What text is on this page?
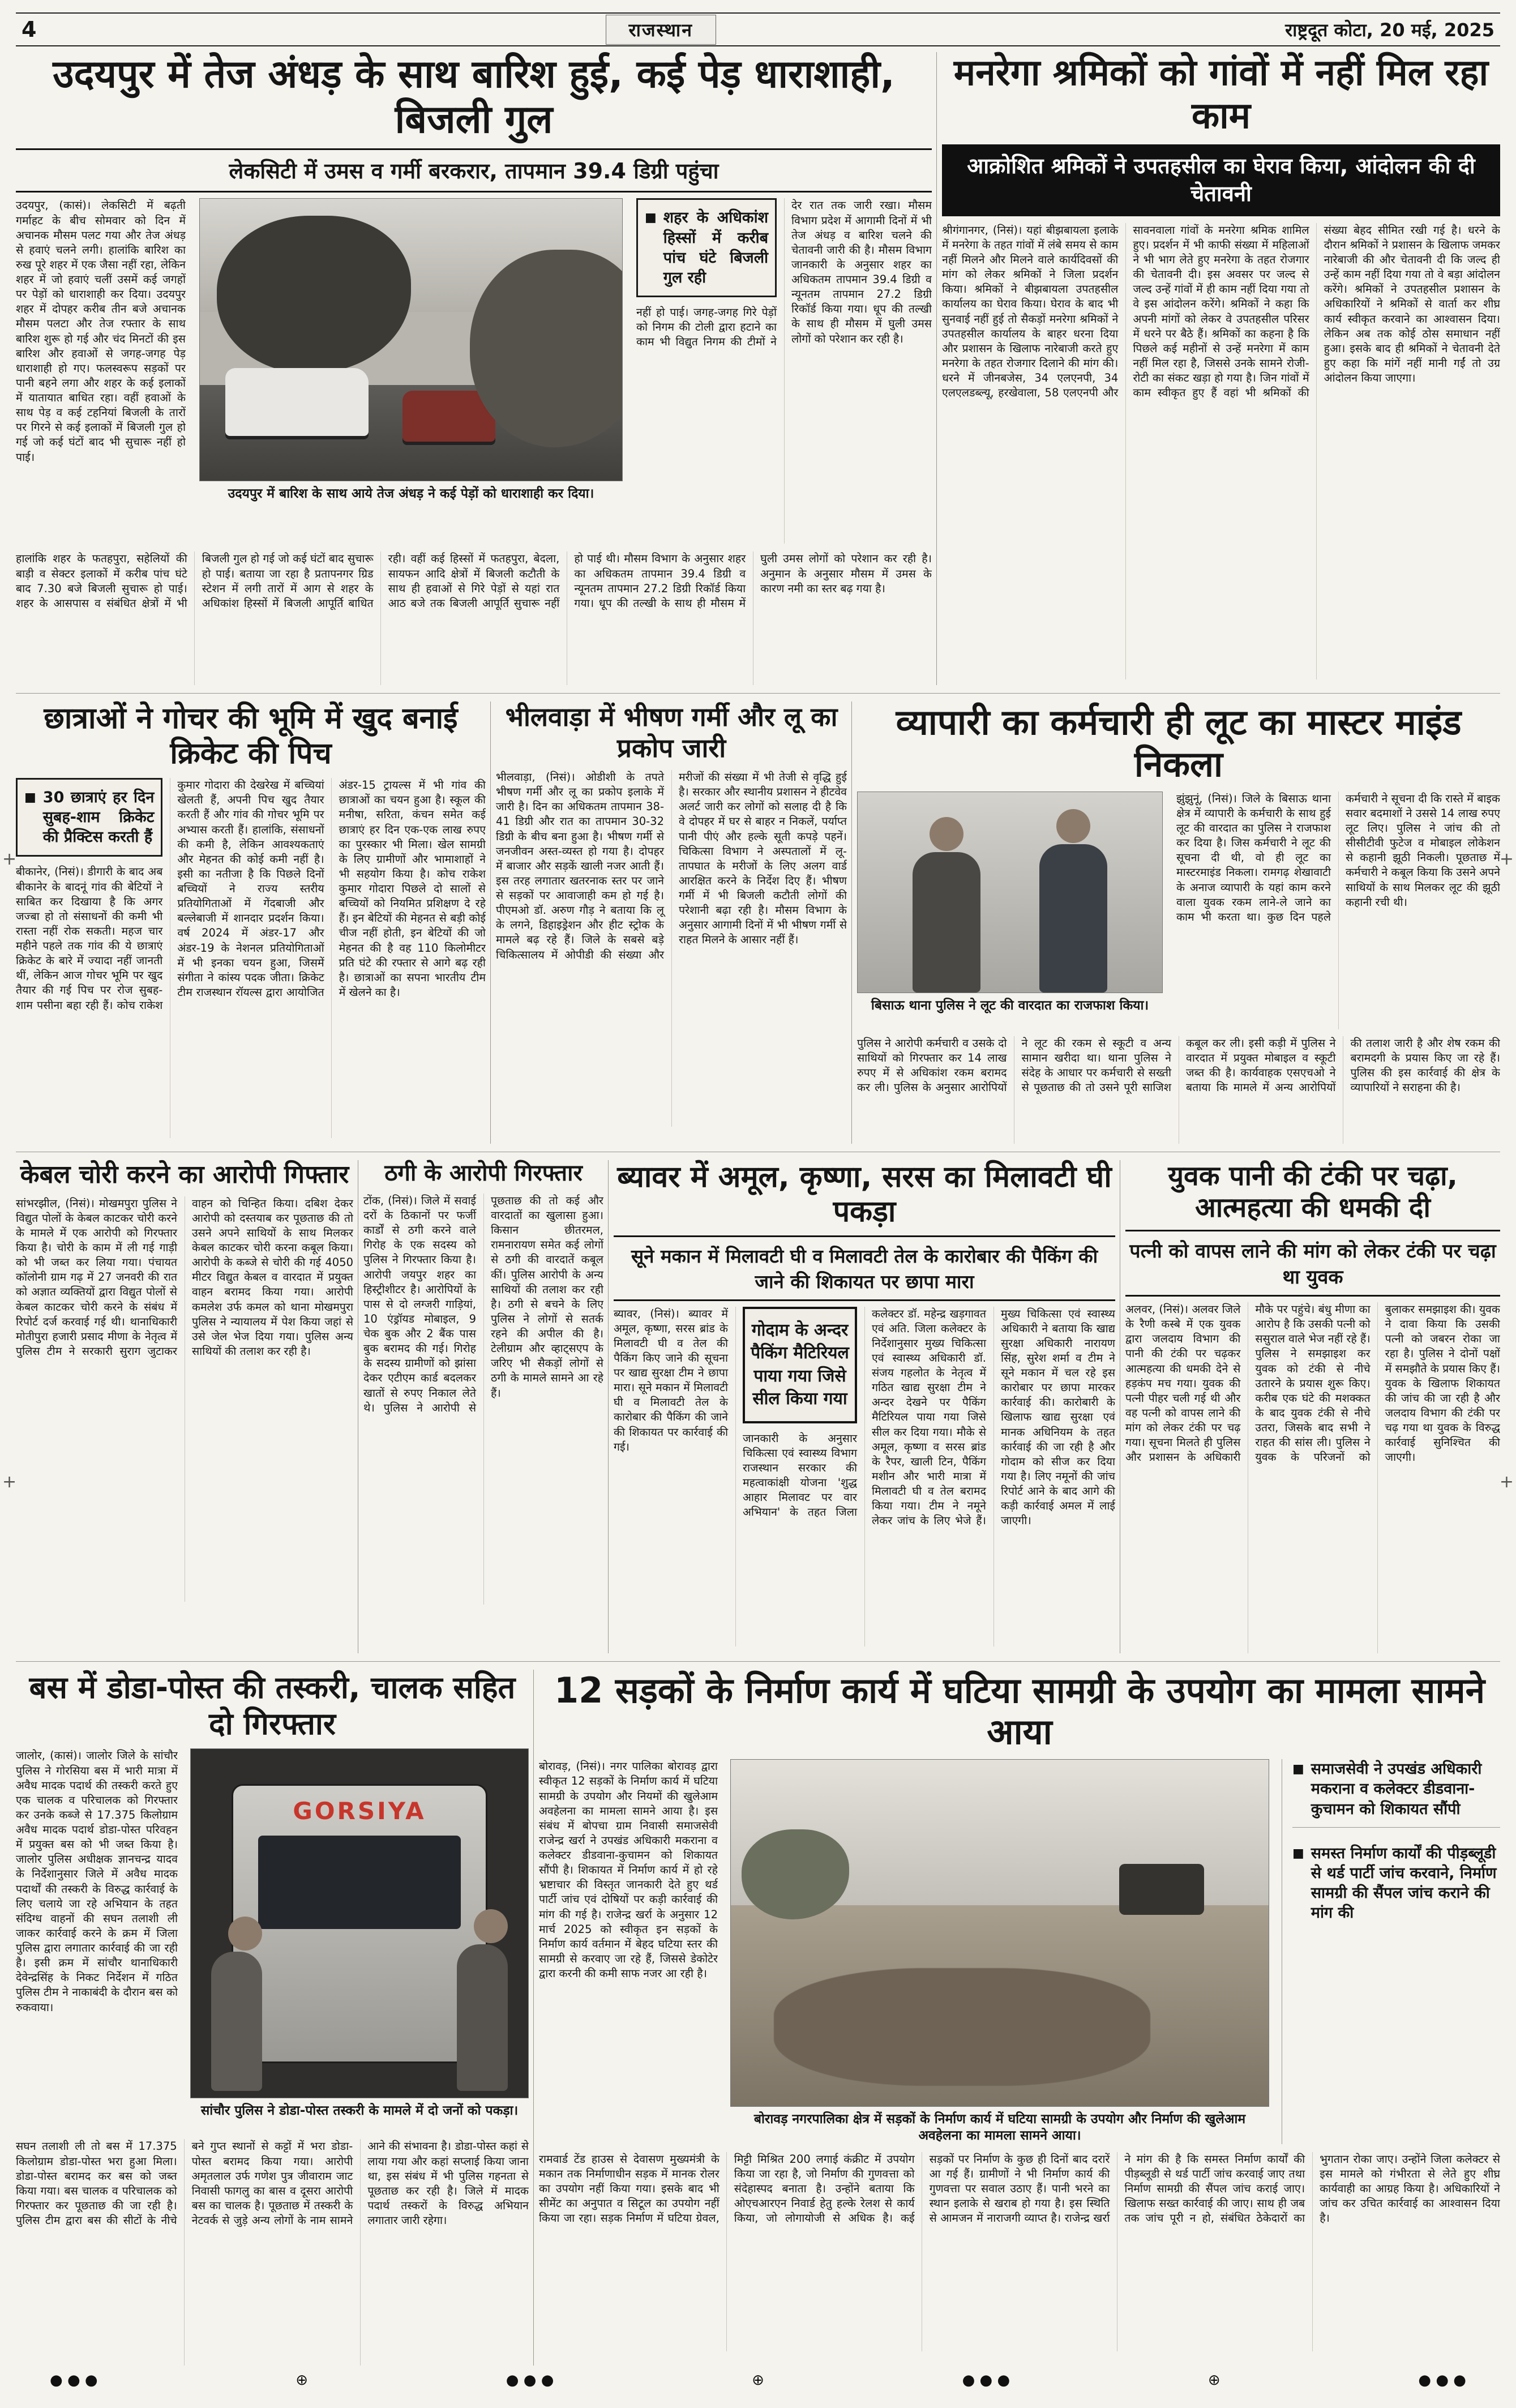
4	राजस्थान	राष्ट्रदूत कोटा, 20 मई, 2025
उदयपुर में तेज अंधड़ के साथ बारिश हुई, कई पेड़ धाराशाही, बिजली गुल
लेकसिटी में उमस व गर्मी बरकरार, तापमान 39.4 डिग्री पहुंचा
उदयपुर, (कासं)। लेकसिटी में बढ़ती गर्माहट के बीच सोमवार को दिन में अचानक मौसम पलट गया और तेज अंधड़ से हवाएं चलने लगी। हालांकि बारिश का रुख पूरे शहर में एक जैसा नहीं रहा, लेकिन शहर में जो हवाएं चलीं उसमें कई जगहों पर पेड़ों को धाराशाही कर दिया। उदयपुर शहर में दोपहर करीब तीन बजे अचानक मौसम पलटा और तेज रफ्तार के साथ बारिश शुरू हो गई और चंद मिनटों की इस बारिश और हवाओं से जगह-जगह पेड़ धाराशाही हो गए। फलस्वरूप सड़कों पर पानी बहने लगा और शहर के कई इलाकों में यातायात बाधित रहा। वहीं हवाओं के साथ पेड़ व कई टहनियां बिजली के तारों पर गिरने से कई इलाकों में बिजली गुल हो गई जो कई घंटों बाद भी सुचारू नहीं हो पाई।
उदयपुर में बारिश के साथ आये तेज अंधड़ ने कई पेड़ों को धाराशाही कर दिया।
■ शहर के अधिकांश हिस्सों में करीब पांच घंटे बिजली गुल रही
नहीं हो पाई। जगह-जगह गिरे पेड़ों को निगम की टोली द्वारा हटाने का काम भी विद्युत निगम की टीमों ने देर रात तक जारी रखा। मौसम विभाग प्रदेश में आगामी दिनों में भी तेज अंधड़ व बारिश चलने की चेतावनी जारी की है। मौसम विभाग जानकारी के अनुसार शहर का अधिकतम तापमान 39.4 डिग्री व न्यूनतम तापमान 27.2 डिग्री रिकॉर्ड किया गया। धूप की तल्खी के साथ ही मौसम में घुली उमस लोगों को परेशान कर रही है।
हालांकि शहर के फतहपुरा, सहेलियों की बाड़ी व सेक्टर इलाकों में करीब पांच घंटे बाद 7.30 बजे बिजली सुचारू हो पाई। शहर के आसपास व संबंधित क्षेत्रों में भी बिजली गुल हो गई जो कई घंटों बाद सुचारू हो पाई। बताया जा रहा है प्रतापनगर ग्रिड स्टेशन में लगी तारों में आग से शहर के अधिकांश हिस्सों में बिजली आपूर्ति बाधित रही। वहीं कई हिस्सों में फतहपुरा, बेदला, सायफन आदि क्षेत्रों में बिजली कटौती के साथ ही हवाओं से गिरे पेड़ों से यहां रात आठ बजे तक बिजली आपूर्ति सुचारू नहीं हो पाई थी। मौसम विभाग के अनुसार शहर का अधिकतम तापमान 39.4 डिग्री व न्यूनतम तापमान 27.2 डिग्री रिकॉर्ड किया गया। धूप की तल्खी के साथ ही मौसम में घुली उमस लोगों को परेशान कर रही है। अनुमान के अनुसार मौसम में उमस के कारण नमी का स्तर बढ़ गया है।
मनरेगा श्रमिकों को गांवों में नहीं मिल रहा काम
आक्रोशित श्रमिकों ने उपतहसील का घेराव किया, आंदोलन की दी चेतावनी
श्रीगंगानगर, (निसं)। यहां बीझबायला इलाके में मनरेगा के तहत गांवों में लंबे समय से काम नहीं मिलने और मिलने वाले कार्यदिवसों की मांग को लेकर श्रमिकों ने जिला प्रदर्शन किया। श्रमिकों ने बीझबायला उपतहसील कार्यालय का घेराव किया। घेराव के बाद भी सुनवाई नहीं हुई तो सैकड़ों मनरेगा श्रमिकों ने उपतहसील कार्यालय के बाहर धरना दिया और प्रशासन के खिलाफ नारेबाजी करते हुए मनरेगा के तहत रोजगार दिलाने की मांग की। धरने में जीनबजेस, 34 एलएनपी, 34 एलएलडब्ल्यू, हरखेवाला, 58 एलएनपी और सावनवाला गांवों के मनरेगा श्रमिक शामिल हुए। प्रदर्शन में भी काफी संख्या में महिलाओं ने भी भाग लेते हुए मनरेगा के तहत रोजगार की चेतावनी दी। इस अवसर पर जल्द से जल्द उन्हें गांवों में ही काम नहीं दिया गया तो वे इस आंदोलन करेंगे। श्रमिकों ने कहा कि अपनी मांगों को लेकर वे उपतहसील परिसर में धरने पर बैठे हैं। श्रमिकों का कहना है कि पिछले कई महीनों से उन्हें मनरेगा में काम नहीं मिल रहा है, जिससे उनके सामने रोजी-रोटी का संकट खड़ा हो गया है। जिन गांवों में काम स्वीकृत हुए हैं वहां भी श्रमिकों की संख्या बेहद सीमित रखी गई है। धरने के दौरान श्रमिकों ने प्रशासन के खिलाफ जमकर नारेबाजी की और चेतावनी दी कि जल्द ही उन्हें काम नहीं दिया गया तो वे बड़ा आंदोलन करेंगे। श्रमिकों ने उपतहसील प्रशासन के अधिकारियों ने श्रमिकों से वार्ता कर शीघ्र कार्य स्वीकृत करवाने का आश्वासन दिया। लेकिन अब तक कोई ठोस समाधान नहीं हुआ। इसके बाद ही श्रमिकों ने चेतावनी देते हुए कहा कि मांगें नहीं मानी गईं तो उग्र आंदोलन किया जाएगा।
छात्राओं ने गोचर की भूमि में खुद बनाई क्रिकेट की पिच
■ 30 छात्राएं हर दिन सुबह-शाम क्रिकेट की प्रैक्टिस करती हैं
बीकानेर, (निसं)। डीगारी के बाद अब बीकानेर के बादनूं गांव की बेटियों ने साबित कर दिखाया है कि अगर जज्बा हो तो संसाधनों की कमी भी रास्ता नहीं रोक सकती। महज चार महीने पहले तक गांव की ये छात्राएं क्रिकेट के बारे में ज्यादा नहीं जानती थीं, लेकिन आज गोचर भूमि पर खुद तैयार की गई पिच पर रोज सुबह-शाम पसीना बहा रही हैं। कोच राकेश कुमार गोदारा की देखरेख में बच्चियां खेलती हैं, अपनी पिच खुद तैयार करती हैं और गांव की गोचर भूमि पर अभ्यास करती हैं। हालांकि, संसाधनों की कमी है, लेकिन आवश्यकताएं और मेहनत की कोई कमी नहीं है। इसी का नतीजा है कि पिछले दिनों बच्चियों ने राज्य स्तरीय प्रतियोगिताओं में गेंदबाजी और बल्लेबाजी में शानदार प्रदर्शन किया। वर्ष 2024 में अंडर-17 और अंडर-19 के नेशनल प्रतियोगिताओं में भी इनका चयन हुआ, जिसमें संगीता ने कांस्य पदक जीता। क्रिकेट टीम राजस्थान रॉयल्स द्वारा आयोजित अंडर-15 ट्रायल्स में भी गांव की छात्राओं का चयन हुआ है। स्कूल की मनीषा, सरिता, कंचन समेत कई छात्राएं हर दिन एक-एक लाख रुपए का पुरस्कार भी मिला। खेल सामग्री के लिए ग्रामीणों और भामाशाहों ने भी सहयोग किया है। कोच राकेश कुमार गोदारा पिछले दो सालों से बच्चियों को नियमित प्रशिक्षण दे रहे हैं। इन बेटियों की मेहनत से बड़ी कोई चीज नहीं होती, इन बेटियों की जो मेहनत की है वह 110 किलोमीटर प्रति घंटे की रफ्तार से आगे बढ़ रही है। छात्राओं का सपना भारतीय टीम में खेलने का है।
भीलवाड़ा में भीषण गर्मी और लू का प्रकोप जारी
भीलवाड़ा, (निसं)। ओडीशी के तपते भीषण गर्मी और लू का प्रकोप इलाके में जारी है। दिन का अधिकतम तापमान 38-41 डिग्री और रात का तापमान 30-32 डिग्री के बीच बना हुआ है। भीषण गर्मी से जनजीवन अस्त-व्यस्त हो गया है। दोपहर में बाजार और सड़कें खाली नजर आती हैं। इस तरह लगातार खतरनाक स्तर पर जाने से सड़कों पर आवाजाही कम हो गई है। पीएमओ डॉ. अरुण गौड़ ने बताया कि लू के लगने, डिहाइड्रेशन और हीट स्ट्रोक के मामले बढ़ रहे हैं। जिले के सबसे बड़े चिकित्सालय में ओपीडी की संख्या और मरीजों की संख्या में भी तेजी से वृद्धि हुई है। सरकार और स्थानीय प्रशासन ने हीटवेव अलर्ट जारी कर लोगों को सलाह दी है कि वे दोपहर में घर से बाहर न निकलें, पर्याप्त पानी पीएं और हल्के सूती कपड़े पहनें। चिकित्सा विभाग ने अस्पतालों में लू-तापघात के मरीजों के लिए अलग वार्ड आरक्षित करने के निर्देश दिए हैं। भीषण गर्मी में भी बिजली कटौती लोगों की परेशानी बढ़ा रही है। मौसम विभाग के अनुसार आगामी दिनों में भी भीषण गर्मी से राहत मिलने के आसार नहीं हैं।
व्यापारी का कर्मचारी ही लूट का मास्टर माइंड निकला
बिसाऊ थाना पुलिस ने लूट की वारदात का राजफाश किया।
झुंझुनूं, (निसं)। जिले के बिसाऊ थाना क्षेत्र में व्यापारी के कर्मचारी के साथ हुई लूट की वारदात का पुलिस ने राजफाश कर दिया है। जिस कर्मचारी ने लूट की सूचना दी थी, वो ही लूट का मास्टरमाइंड निकला। रामगढ़ शेखावाटी के अनाज व्यापारी के यहां काम करने वाला युवक रकम लाने-ले जाने का काम भी करता था। कुछ दिन पहले कर्मचारी ने सूचना दी कि रास्ते में बाइक सवार बदमाशों ने उससे 14 लाख रुपए लूट लिए। पुलिस ने जांच की तो सीसीटीवी फुटेज व मोबाइल लोकेशन से कहानी झूठी निकली। पूछताछ में कर्मचारी ने कबूल किया कि उसने अपने साथियों के साथ मिलकर लूट की झूठी कहानी रची थी।
पुलिस ने आरोपी कर्मचारी व उसके दो साथियों को गिरफ्तार कर 14 लाख रुपए में से अधिकांश रकम बरामद कर ली। पुलिस के अनुसार आरोपियों ने लूट की रकम से स्कूटी व अन्य सामान खरीदा था। थाना पुलिस ने संदेह के आधार पर कर्मचारी से सख्ती से पूछताछ की तो उसने पूरी साजिश कबूल कर ली। इसी कड़ी में पुलिस ने वारदात में प्रयुक्त मोबाइल व स्कूटी जब्त की है। कार्यवाहक एसएचओ ने बताया कि मामले में अन्य आरोपियों की तलाश जारी है और शेष रकम की बरामदगी के प्रयास किए जा रहे हैं। पुलिस की इस कार्रवाई की क्षेत्र के व्यापारियों ने सराहना की है।
केबल चोरी करने का आरोपी गिफ्तार
सांभरझील, (निसं)। मोखमपुरा पुलिस ने विद्युत पोलों के केबल काटकर चोरी करने के मामले में एक आरोपी को गिरफ्तार किया है। चोरी के काम में ली गई गाड़ी को भी जब्त कर लिया गया। पंचायत कॉलोनी ग्राम गढ़ में 27 जनवरी की रात को अज्ञात व्यक्तियों द्वारा विद्युत पोलों से केबल काटकर चोरी करने के संबंध में रिपोर्ट दर्ज करवाई गई थी। थानाधिकारी मोतीपुरा हजारी प्रसाद मीणा के नेतृत्व में पुलिस टीम ने सरकारी सुराग जुटाकर वाहन को चिन्हित किया। दबिश देकर आरोपी को दस्तयाब कर पूछताछ की तो उसने अपने साथियों के साथ मिलकर केबल काटकर चोरी करना कबूल किया। आरोपी के कब्जे से चोरी की गई 4050 मीटर विद्युत केबल व वारदात में प्रयुक्त वाहन बरामद किया गया। आरोपी कमलेश उर्फ कमल को थाना मोखमपुरा पुलिस ने न्यायालय में पेश किया जहां से उसे जेल भेज दिया गया। पुलिस अन्य साथियों की तलाश कर रही है।
ठगी के आरोपी गिरफ्तार
टोंक, (निसं)। जिले में सवाई दरों के ठिकानों पर फर्जी कार्डों से ठगी करने वाले गिरोह के एक सदस्य को पुलिस ने गिरफ्तार किया है। आरोपी जयपुर शहर का हिस्ट्रीशीटर है। आरोपियों के पास से दो लग्जरी गाड़ियां, 10 एंड्रॉयड मोबाइल, 9 चेक बुक और 2 बैंक पास बुक बरामद की गई। गिरोह के सदस्य ग्रामीणों को झांसा देकर एटीएम कार्ड बदलकर खातों से रुपए निकाल लेते थे। पुलिस ने आरोपी से पूछताछ की तो कई और वारदातों का खुलासा हुआ। किसान छीतरमल, रामनारायण समेत कई लोगों से ठगी की वारदातें कबूल कीं। पुलिस आरोपी के अन्य साथियों की तलाश कर रही है। ठगी से बचने के लिए पुलिस ने लोगों से सतर्क रहने की अपील की है। टेलीग्राम और व्हाट्सएप के जरिए भी सैकड़ों लोगों से ठगी के मामले सामने आ रहे हैं।
ब्यावर में अमूल, कृष्णा, सरस का मिलावटी घी पकड़ा
सूने मकान में मिलावटी घी व मिलावटी तेल के कारोबार की पैकिंग की जाने की शिकायत पर छापा मारा
ब्यावर, (निसं)। ब्यावर में अमूल, कृष्णा, सरस ब्रांड के मिलावटी घी व तेल की पैकिंग किए जाने की सूचना पर खाद्य सुरक्षा टीम ने छापा मारा। सूने मकान में मिलावटी घी व मिलावटी तेल के कारोबार की पैकिंग की जाने की शिकायत पर कार्रवाई की गई।
गोदाम के अन्दर पैकिंग मैटिरियल पाया गया जिसे सील किया गया
जानकारी के अनुसार चिकित्सा एवं स्वास्थ्य विभाग राजस्थान सरकार की महत्वाकांक्षी योजना 'शुद्ध आहार मिलावट पर वार अभियान' के तहत जिला कलेक्टर डॉ. महेन्द्र खड़गावत एवं अति. जिला कलेक्टर के निर्देशानुसार मुख्य चिकित्सा एवं स्वास्थ्य अधिकारी डॉ. संजय गहलोत के नेतृत्व में गठित खाद्य सुरक्षा टीम ने अन्दर देखने पर पैकिंग मैटिरियल पाया गया जिसे सील कर दिया गया। मौके से अमूल, कृष्णा व सरस ब्रांड के रैपर, खाली टिन, पैकिंग मशीन और भारी मात्रा में मिलावटी घी व तेल बरामद किया गया। टीम ने नमूने लेकर जांच के लिए भेजे हैं। मुख्य चिकित्सा एवं स्वास्थ्य अधिकारी ने बताया कि खाद्य सुरक्षा अधिकारी नारायण सिंह, सुरेश शर्मा व टीम ने सूने मकान में चल रहे इस कारोबार पर छापा मारकर कार्रवाई की। कारोबारी के खिलाफ खाद्य सुरक्षा एवं मानक अधिनियम के तहत कार्रवाई की जा रही है और गोदाम को सीज कर दिया गया है। लिए नमूनों की जांच रिपोर्ट आने के बाद आगे की कड़ी कार्रवाई अमल में लाई जाएगी।
युवक पानी की टंकी पर चढ़ा, आत्महत्या की धमकी दी
पत्नी को वापस लाने की मांग को लेकर टंकी पर चढ़ा था युवक
अलवर, (निसं)। अलवर जिले के रैणी कस्बे में एक युवक द्वारा जलदाय विभाग की पानी की टंकी पर चढ़कर आत्महत्या की धमकी देने से हड़कंप मच गया। युवक की पत्नी पीहर चली गई थी और वह पत्नी को वापस लाने की मांग को लेकर टंकी पर चढ़ गया। सूचना मिलते ही पुलिस और प्रशासन के अधिकारी मौके पर पहुंचे। बंधु मीणा का आरोप है कि उसकी पत्नी को ससुराल वाले भेज नहीं रहे हैं। पुलिस ने समझाइश कर युवक को टंकी से नीचे उतारने के प्रयास शुरू किए। करीब एक घंटे की मशक्कत के बाद युवक टंकी से नीचे उतरा, जिसके बाद सभी ने राहत की सांस ली। पुलिस ने युवक के परिजनों को बुलाकर समझाइश की। युवक ने दावा किया कि उसकी पत्नी को जबरन रोका जा रहा है। पुलिस ने दोनों पक्षों में समझौते के प्रयास किए हैं। युवक के खिलाफ शिकायत की जांच की जा रही है और जलदाय विभाग की टंकी पर चढ़ गया था युवक के विरुद्ध कार्रवाई सुनिश्चित की जाएगी।
बस में डोडा-पोस्त की तस्करी, चालक सहित दो गिरफ्तार
जालोर, (कासं)। जालोर जिले के सांचौर पुलिस ने गोरसिया बस में भारी मात्रा में अवैध मादक पदार्थ की तस्करी करते हुए एक चालक व परिचालक को गिरफ्तार कर उनके कब्जे से 17.375 किलोग्राम अवैध मादक पदार्थ डोडा-पोस्त परिवहन में प्रयुक्त बस को भी जब्त किया है। जालोर पुलिस अधीक्षक ज्ञानचन्द्र यादव के निर्देशानुसार जिले में अवैध मादक पदार्थों की तस्करी के विरुद्ध कार्रवाई के लिए चलाये जा रहे अभियान के तहत संदिग्ध वाहनों की सघन तलाशी ली जाकर कार्रवाई करने के क्रम में जिला पुलिस द्वारा लगातार कार्रवाई की जा रही है। इसी क्रम में सांचौर थानाधिकारी देवेन्द्रसिंह के निकट निर्देशन में गठित पुलिस टीम ने नाकाबंदी के दौरान बस को रुकवाया।
GORSIYA
सांचौर पुलिस ने डोडा-पोस्त तस्करी के मामले में दो जनों को पकड़ा।
सघन तलाशी ली तो बस में 17.375 किलोग्राम डोडा-पोस्त भरा हुआ मिला। डोडा-पोस्त बरामद कर बस को जब्त किया गया। बस चालक व परिचालक को गिरफ्तार कर पूछताछ की जा रही है। पुलिस टीम द्वारा बस की सीटों के नीचे बने गुप्त स्थानों से कट्टों में भरा डोडा-पोस्त बरामद किया गया। आरोपी अमृतलाल उर्फ गणेश पुत्र जीवाराम जाट निवासी फागलु का बास व दूसरा आरोपी बस का चालक है। पूछताछ में तस्करी के नेटवर्क से जुड़े अन्य लोगों के नाम सामने आने की संभावना है। डोडा-पोस्त कहां से लाया गया और कहां सप्लाई किया जाना था, इस संबंध में भी पुलिस गहनता से पूछताछ कर रही है। जिले में मादक पदार्थ तस्करों के विरुद्ध अभियान लगातार जारी रहेगा।
12 सड़कों के निर्माण कार्य में घटिया सामग्री के उपयोग का मामला सामने आया
बोरावड़, (निसं)। नगर पालिका बोरावड़ द्वारा स्वीकृत 12 सड़कों के निर्माण कार्य में घटिया सामग्री के उपयोग और नियमों की खुलेआम अवहेलना का मामला सामने आया है। इस संबंध में बोपचा ग्राम निवासी समाजसेवी राजेन्द्र खर्रा ने उपखंड अधिकारी मकराना व कलेक्टर डीडवाना-कुचामन को शिकायत सौंपी है। शिकायत में निर्माण कार्य में हो रहे भ्रष्टाचार की विस्तृत जानकारी देते हुए थर्ड पार्टी जांच एवं दोषियों पर कड़ी कार्रवाई की मांग की गई है। राजेन्द्र खर्रा के अनुसार 12 मार्च 2025 को स्वीकृत इन सड़कों के निर्माण कार्य वर्तमान में बेहद घटिया स्तर की सामग्री से करवाए जा रहे हैं, जिससे डेकोटेर द्वारा करनी की कमी साफ नजर आ रही है।
बोरावड़ नगरपालिका क्षेत्र में सड़कों के निर्माण कार्य में घटिया सामग्री के उपयोग और निर्माण की खुलेआम अवहेलना का मामला सामने आया।
■ समाजसेवी ने उपखंड अधिकारी मकराना व कलेक्टर डीडवाना-कुचामन को शिकायत सौंपी
■ समस्त निर्माण कार्यों की पीड़ब्लूडी से थर्ड पार्टी जांच करवाने, निर्माण सामग्री की सैंपल जांच कराने की मांग की
रामवार्ड टेंड हाउस से देवासण मुख्यमंत्री के मकान तक निर्माणाधीन सड़क में मानक रोलर का उपयोग नहीं किया गया। इसके बाद भी सीमेंट का अनुपात व सिटूल का उपयोग नहीं किया जा रहा। सड़क निर्माण में घटिया ग्रेवल, मिट्टी मिश्रित 200 लगाई कंक्रीट में उपयोग किया जा रहा है, जो निर्माण की गुणवत्ता को संदेहास्पद बनाता है। उन्होंने बताया कि ओएचआरएन निवार्ड हेतु हल्के रेलश से कार्य किया, जो लोगायोजी से अधिक है। कई सड़कों पर निर्माण के कुछ ही दिनों बाद दरारें आ गई हैं। ग्रामीणों ने भी निर्माण कार्य की गुणवत्ता पर सवाल उठाए हैं। पानी भरने का स्थान इलाके से खराब हो गया है। इस स्थिति से आमजन में नाराजगी व्याप्त है। राजेन्द्र खर्रा ने मांग की है कि समस्त निर्माण कार्यों की पीड़ब्लूडी से थर्ड पार्टी जांच करवाई जाए तथा निर्माण सामग्री की सैंपल जांच कराई जाए। खिलाफ सख्त कार्रवाई की जाए। साथ ही जब तक जांच पूरी न हो, संबंधित ठेकेदारों का भुगतान रोका जाए। उन्होंने जिला कलेक्टर से इस मामले को गंभीरता से लेते हुए शीघ्र कार्यवाही का आग्रह किया है। अधिकारियों ने जांच कर उचित कार्रवाई का आश्वासन दिया है।
● ● ●	⊕	● ● ●	⊕	● ● ●	⊕	● ● ●
+
+
+
+
